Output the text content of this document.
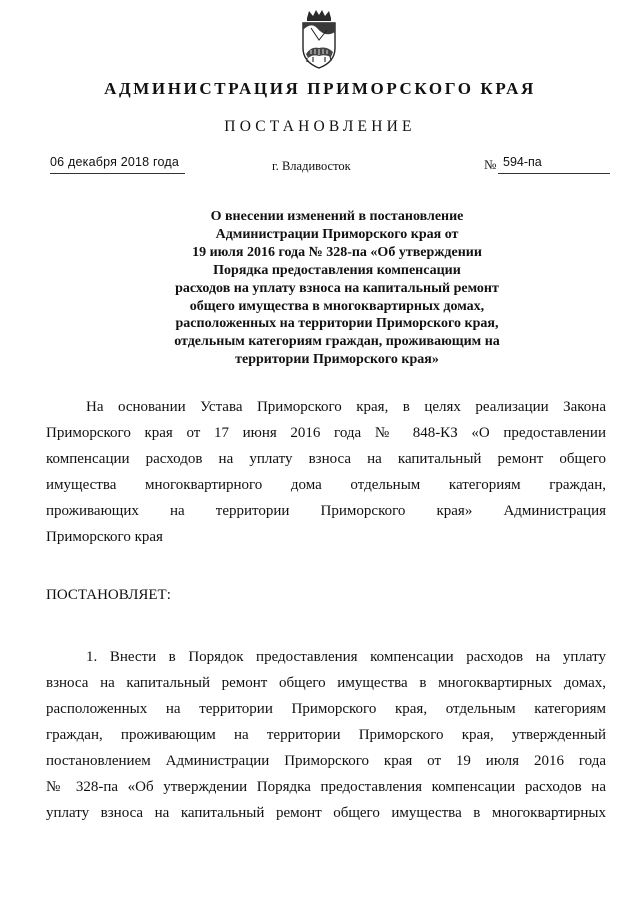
АДМИНИСТРАЦИЯ ПРИМОРСКОГО КРАЯ
ПОСТАНОВЛЕНИЕ
06 декабря 2018 года	г. Владивосток	№ 594-па
О внесении изменений в постановление
Администрации Приморского края от
19 июля 2016 года № 328-па «Об утверждении
Порядка предоставления компенсации
расходов на уплату взноса на капитальный ремонт
общего имущества в многоквартирных домах,
расположенных на территории Приморского края,
отдельным категориям граждан, проживающим на
территории Приморского края»
На основании Устава Приморского края, в целях реализации Закона
Приморского края от 17 июня 2016 года № 848-КЗ «О предоставлении
компенсации расходов на уплату взноса на капитальный ремонт общего
имущества многоквартирного дома отдельным категориям граждан,
проживающих на территории Приморского края» Администрация
Приморского края
ПОСТАНОВЛЯЕТ:
1. Внести в Порядок предоставления компенсации расходов на уплату
взноса на капитальный ремонт общего имущества в многоквартирных домах,
расположенных на территории Приморского края, отдельным категориям
граждан, проживающим на территории Приморского края, утвержденный
постановлением Администрации Приморского края от 19 июля 2016 года
№ 328-па «Об утверждении Порядка предоставления компенсации расходов на
уплату взноса на капитальный ремонт общего имущества в многоквартирных
